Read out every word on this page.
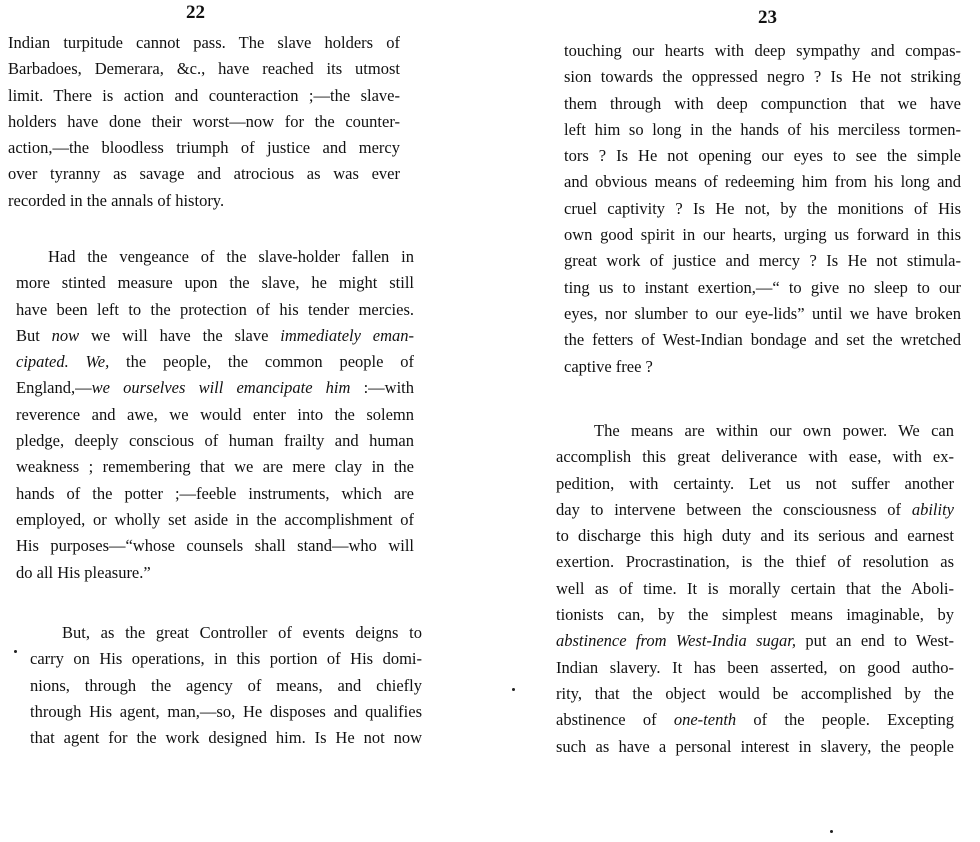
22
Indian turpitude cannot pass. The slave holders of
Barbadoes, Demerara, &c., have reached its utmost
limit. There is action and counteraction ;—the slave-
holders have done their worst—now for the counter-
action,—the bloodless triumph of justice and mercy
over tyranny as savage and atrocious as was ever
recorded in the annals of history.
Had the vengeance of the slave-holder fallen in
more stinted measure upon the slave, he might still
have been left to the protection of his tender mercies.
But now we will have the slave immediately eman-
cipated. We, the people, the common people of
England,—we ourselves will emancipate him :—with
reverence and awe, we would enter into the solemn
pledge, deeply conscious of human frailty and human
weakness ; remembering that we are mere clay in the
hands of the potter ;—feeble instruments, which are
employed, or wholly set aside in the accomplishment of
His purposes—“whose counsels shall stand—who will
do all His pleasure.”
But, as the great Controller of events deigns to
carry on His operations, in this portion of His domi-
nions, through the agency of means, and chiefly
through His agent, man,—so, He disposes and qualifies
that agent for the work designed him. Is He not now
23
touching our hearts with deep sympathy and compas-
sion towards the oppressed negro ? Is He not striking
them through with deep compunction that we have
left him so long in the hands of his merciless tormen-
tors ? Is He not opening our eyes to see the simple
and obvious means of redeeming him from his long and
cruel captivity ? Is He not, by the monitions of His
own good spirit in our hearts, urging us forward in this
great work of justice and mercy ? Is He not stimula-
ting us to instant exertion,—“ to give no sleep to our
eyes, nor slumber to our eye-lids” until we have broken
the fetters of West-Indian bondage and set the wretched
captive free ?
The means are within our own power. We can
accomplish this great deliverance with ease, with ex-
pedition, with certainty. Let us not suffer another
day to intervene between the consciousness of ability
to discharge this high duty and its serious and earnest
exertion. Procrastination, is the thief of resolution as
well as of time. It is morally certain that the Aboli-
tionists can, by the simplest means imaginable, by
abstinence from West-India sugar, put an end to West-
Indian slavery. It has been asserted, on good autho-
rity, that the object would be accomplished by the
abstinence of one-tenth of the people. Excepting
such as have a personal interest in slavery, the people
